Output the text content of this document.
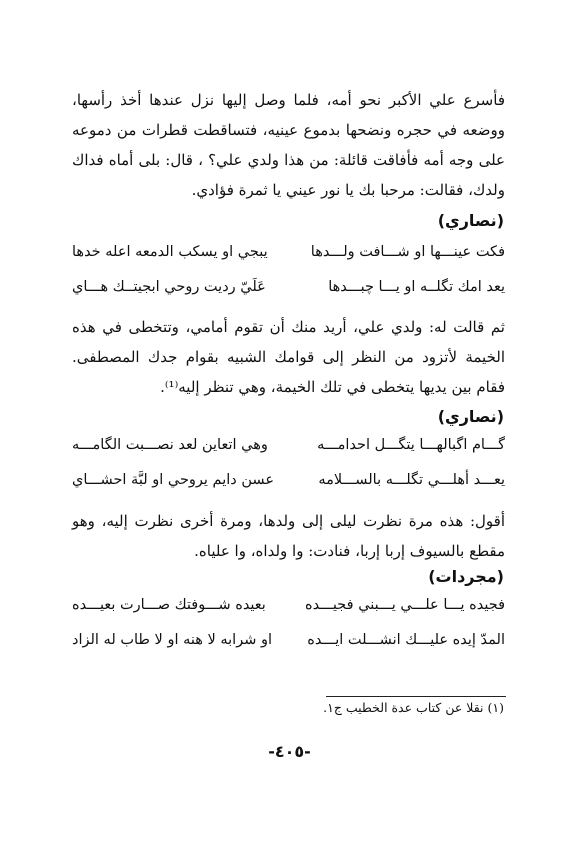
فأسرع علي الأكبر نحو أمه، فلما وصل إليها نزل عندها أخذ رأسها، ووضعه في حجره ونضحها بدموع عينيه، فتساقطت قطرات من دموعه على وجه أمه فأفاقت قائلة: من هذا ولدي علي؟ ، قال: بلى أماه فداك ولدك، فقالت: مرحبا بك يا نور عيني يا ثمرة فؤادي.
(نصاري)
فكت عينـــها او شـــافت ولـــدها
يبجي او يسكب الدمعه اعله خدها
يعد امك تگلــه او يـــا چبـــدها
عَلَيّ رديت روحي ابجيتــك هـــاي
ثم قالت له: ولدي علي، أريد منك أن تقوم أمامي، وتتخطى في هذه الخيمة لأتزود من النظر إلى قوامك الشبيه بقوام جدك المصطفى. فقام بين يديها يتخطى في تلك الخيمة، وهي تنظر إليه⁽¹⁾.
(نصاري)
گـــام اگبالهـــا يتگـــل احدامـــه
وهي اتعاين لعد نصـــبت الگامـــه
يعـــد أهلـــي تگلـــه بالســـلامه
عسن دايم يروحي او لبَّة احشـــاي
أقول: هذه مرة نظرت ليلى إلى ولدها، ومرة أخرى نظرت إليه، وهو مقطع بالسيوف إربا إربا، فنادت: وا ولداه، وا علياه.
(مجردات)
فجيده يـــا علـــي يـــبني فجيـــده
بعيده شـــوفتك صـــارت بعيـــده
المدّ إيده عليـــك انشـــلت ايـــده
او شرابه لا هنه او لا طاب له الزاد
(١) نقلا عن كتاب عدة الخطيب ج١.
-٤٠٥-
